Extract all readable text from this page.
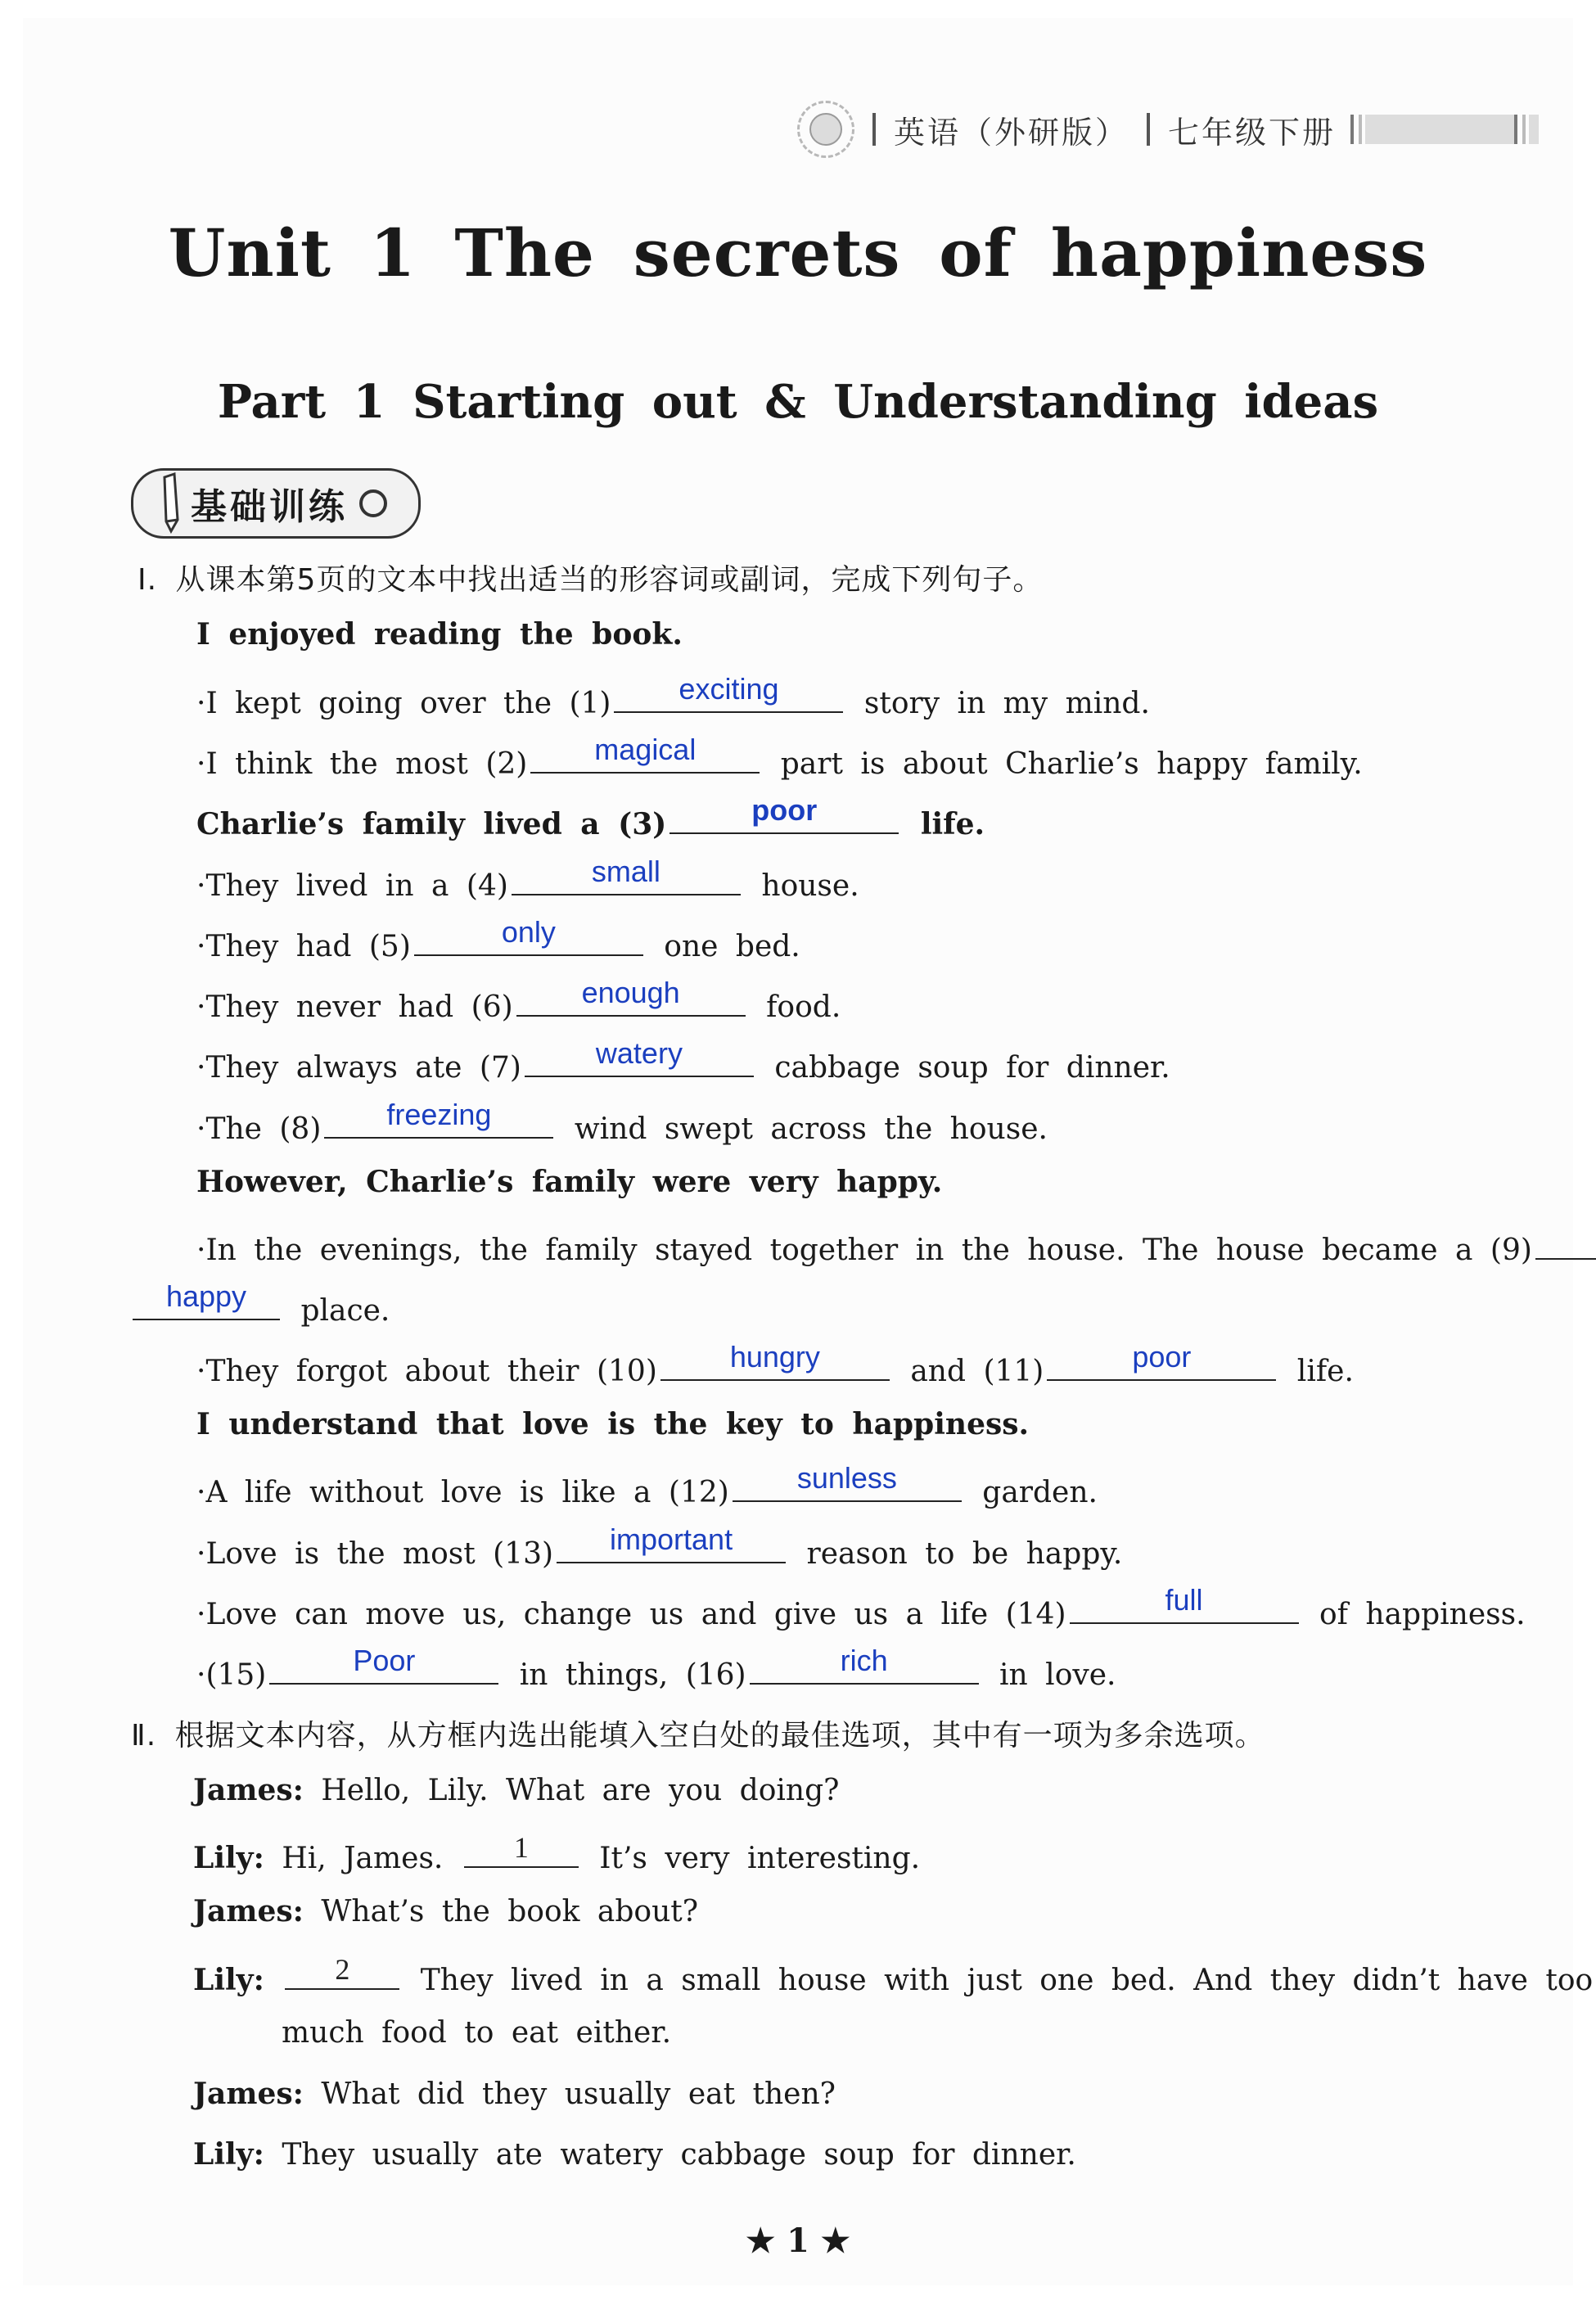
英语（外研版） 七年级下册
Unit 1 The secrets of happiness
Part 1 Starting out & Understanding ideas
基础训练
Ⅰ. 从课本第5页的文本中找出适当的形容词或副词，完成下列句子。
I enjoyed reading the book.
·I kept going over the (1)	exciting	story in my mind.
·I think the most (2)	magical	part is about Charlie’s happy family.
Charlie’s family lived a (3)	poor	life.
·They lived in a (4)	small	house.
·They had (5)	only	one bed.
·They never had (6)	enough	food.
·They always ate (7)	watery	cabbage soup for dinner.
·The (8)	freezing	wind swept across the house.
However, Charlie’s family were very happy.
·In the evenings, the family stayed together in the house. The house became a (9)
happy	place.
·They forgot about their (10)	hungry	and (11)	poor	life.
I understand that love is the key to happiness.
·A life without love is like a (12)	sunless	garden.
·Love is the most (13)	important	reason to be happy.
·Love can move us, change us and give us a life (14)	full	of happiness.
·(15)	Poor	in things, (16)	rich	in love.
Ⅱ. 根据文本内容，从方框内选出能填入空白处的最佳选项，其中有一项为多余选项。
James: Hello, Lily. What are you doing?
Lily: Hi, James.	1	It’s very interesting.
James: What’s the book about?
Lily:	2	They lived in a small house with just one bed. And they didn’t have too
much food to eat either.
James: What did they usually eat then?
Lily: They usually ate watery cabbage soup for dinner.
★ 1 ★
